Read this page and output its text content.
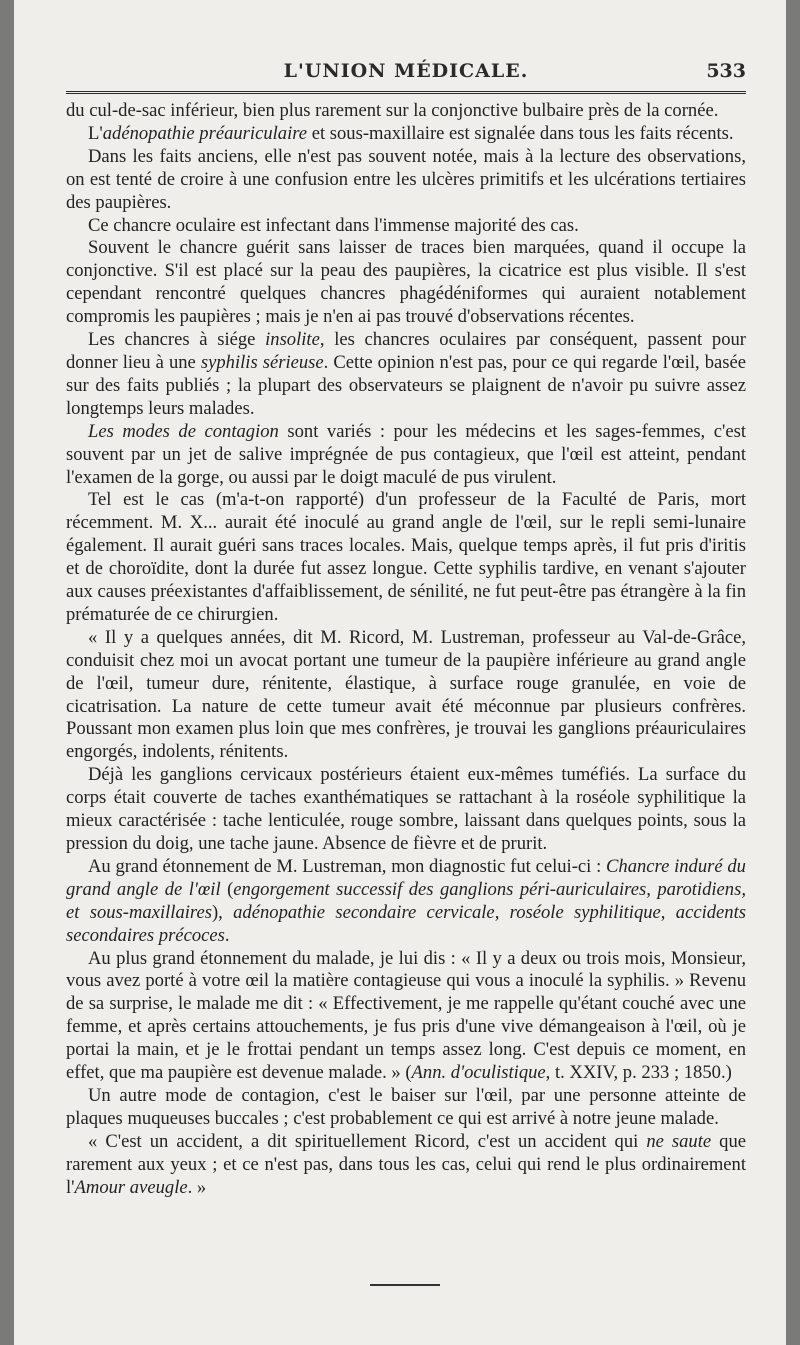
L'UNION MÉDICALE.	533

du cul-de-sac inférieur, bien plus rarement sur la conjonctive bulbaire près de la cornée.

L'adénopathie préauriculaire et sous-maxillaire est signalée dans tous les faits récents.

Dans les faits anciens, elle n'est pas souvent notée, mais à la lecture des observations, on est tenté de croire à une confusion entre les ulcères primitifs et les ulcérations tertiaires des paupières.

Ce chancre oculaire est infectant dans l'immense majorité des cas.

Souvent le chancre guérit sans laisser de traces bien marquées, quand il occupe la conjonctive. S'il est placé sur la peau des paupières, la cicatrice est plus visible. Il s'est cependant rencontré quelques chancres phagédéniformes qui auraient notablement compromis les paupières ; mais je n'en ai pas trouvé d'observations récentes.

Les chancres à siége insolite, les chancres oculaires par conséquent, passent pour donner lieu à une syphilis sérieuse. Cette opinion n'est pas, pour ce qui regarde l'œil, basée sur des faits publiés ; la plupart des observateurs se plaignent de n'avoir pu suivre assez longtemps leurs malades.

Les modes de contagion sont variés : pour les médecins et les sages-femmes, c'est souvent par un jet de salive imprégnée de pus contagieux, que l'œil est atteint, pendant l'examen de la gorge, ou aussi par le doigt maculé de pus virulent.

Tel est le cas (m'a-t-on rapporté) d'un professeur de la Faculté de Paris, mort récemment. M. X... aurait été inoculé au grand angle de l'œil, sur le repli semi-lunaire également. Il aurait guéri sans traces locales. Mais, quelque temps après, il fut pris d'iritis et de choroïdite, dont la durée fut assez longue. Cette syphilis tardive, en venant s'ajouter aux causes préexistantes d'affaiblissement, de sénilité, ne fut peut-être pas étrangère à la fin prématurée de ce chirurgien.

« Il y a quelques années, dit M. Ricord, M. Lustreman, professeur au Val-de-Grâce, conduisit chez moi un avocat portant une tumeur de la paupière inférieure au grand angle de l'œil, tumeur dure, rénitente, élastique, à surface rouge granulée, en voie de cicatrisation. La nature de cette tumeur avait été méconnue par plusieurs confrères. Poussant mon examen plus loin que mes confrères, je trouvai les ganglions préauriculaires engorgés, indolents, rénitents.

Déjà les ganglions cervicaux postérieurs étaient eux-mêmes tuméfiés. La surface du corps était couverte de taches exanthématiques se rattachant à la roséole syphilitique la mieux caractérisée : tache lenticulée, rouge sombre, laissant dans quelques points, sous la pression du doig, une tache jaune. Absence de fièvre et de prurit.

Au grand étonnement de M. Lustreman, mon diagnostic fut celui-ci : Chancre induré du grand angle de l'œil (engorgement successif des ganglions péri-auriculaires, parotidiens, et sous-maxillaires), adénopathie secondaire cervicale, roséole syphilitique, accidents secondaires précoces.

Au plus grand étonnement du malade, je lui dis : « Il y a deux ou trois mois, Monsieur, vous avez porté à votre œil la matière contagieuse qui vous a inoculé la syphilis. » Revenu de sa surprise, le malade me dit : « Effectivement, je me rappelle qu'étant couché avec une femme, et après certains attouchements, je fus pris d'une vive démangeaison à l'œil, où je portai la main, et je le frottai pendant un temps assez long. C'est depuis ce moment, en effet, que ma paupière est devenue malade. » (Ann. d'oculistique, t. XXIV, p. 233 ; 1850.)

Un autre mode de contagion, c'est le baiser sur l'œil, par une personne atteinte de plaques muqueuses buccales ; c'est probablement ce qui est arrivé à notre jeune malade.

« C'est un accident, a dit spirituellement Ricord, c'est un accident qui ne saute que rarement aux yeux ; et ce n'est pas, dans tous les cas, celui qui rend le plus ordinairement l'Amour aveugle. »
